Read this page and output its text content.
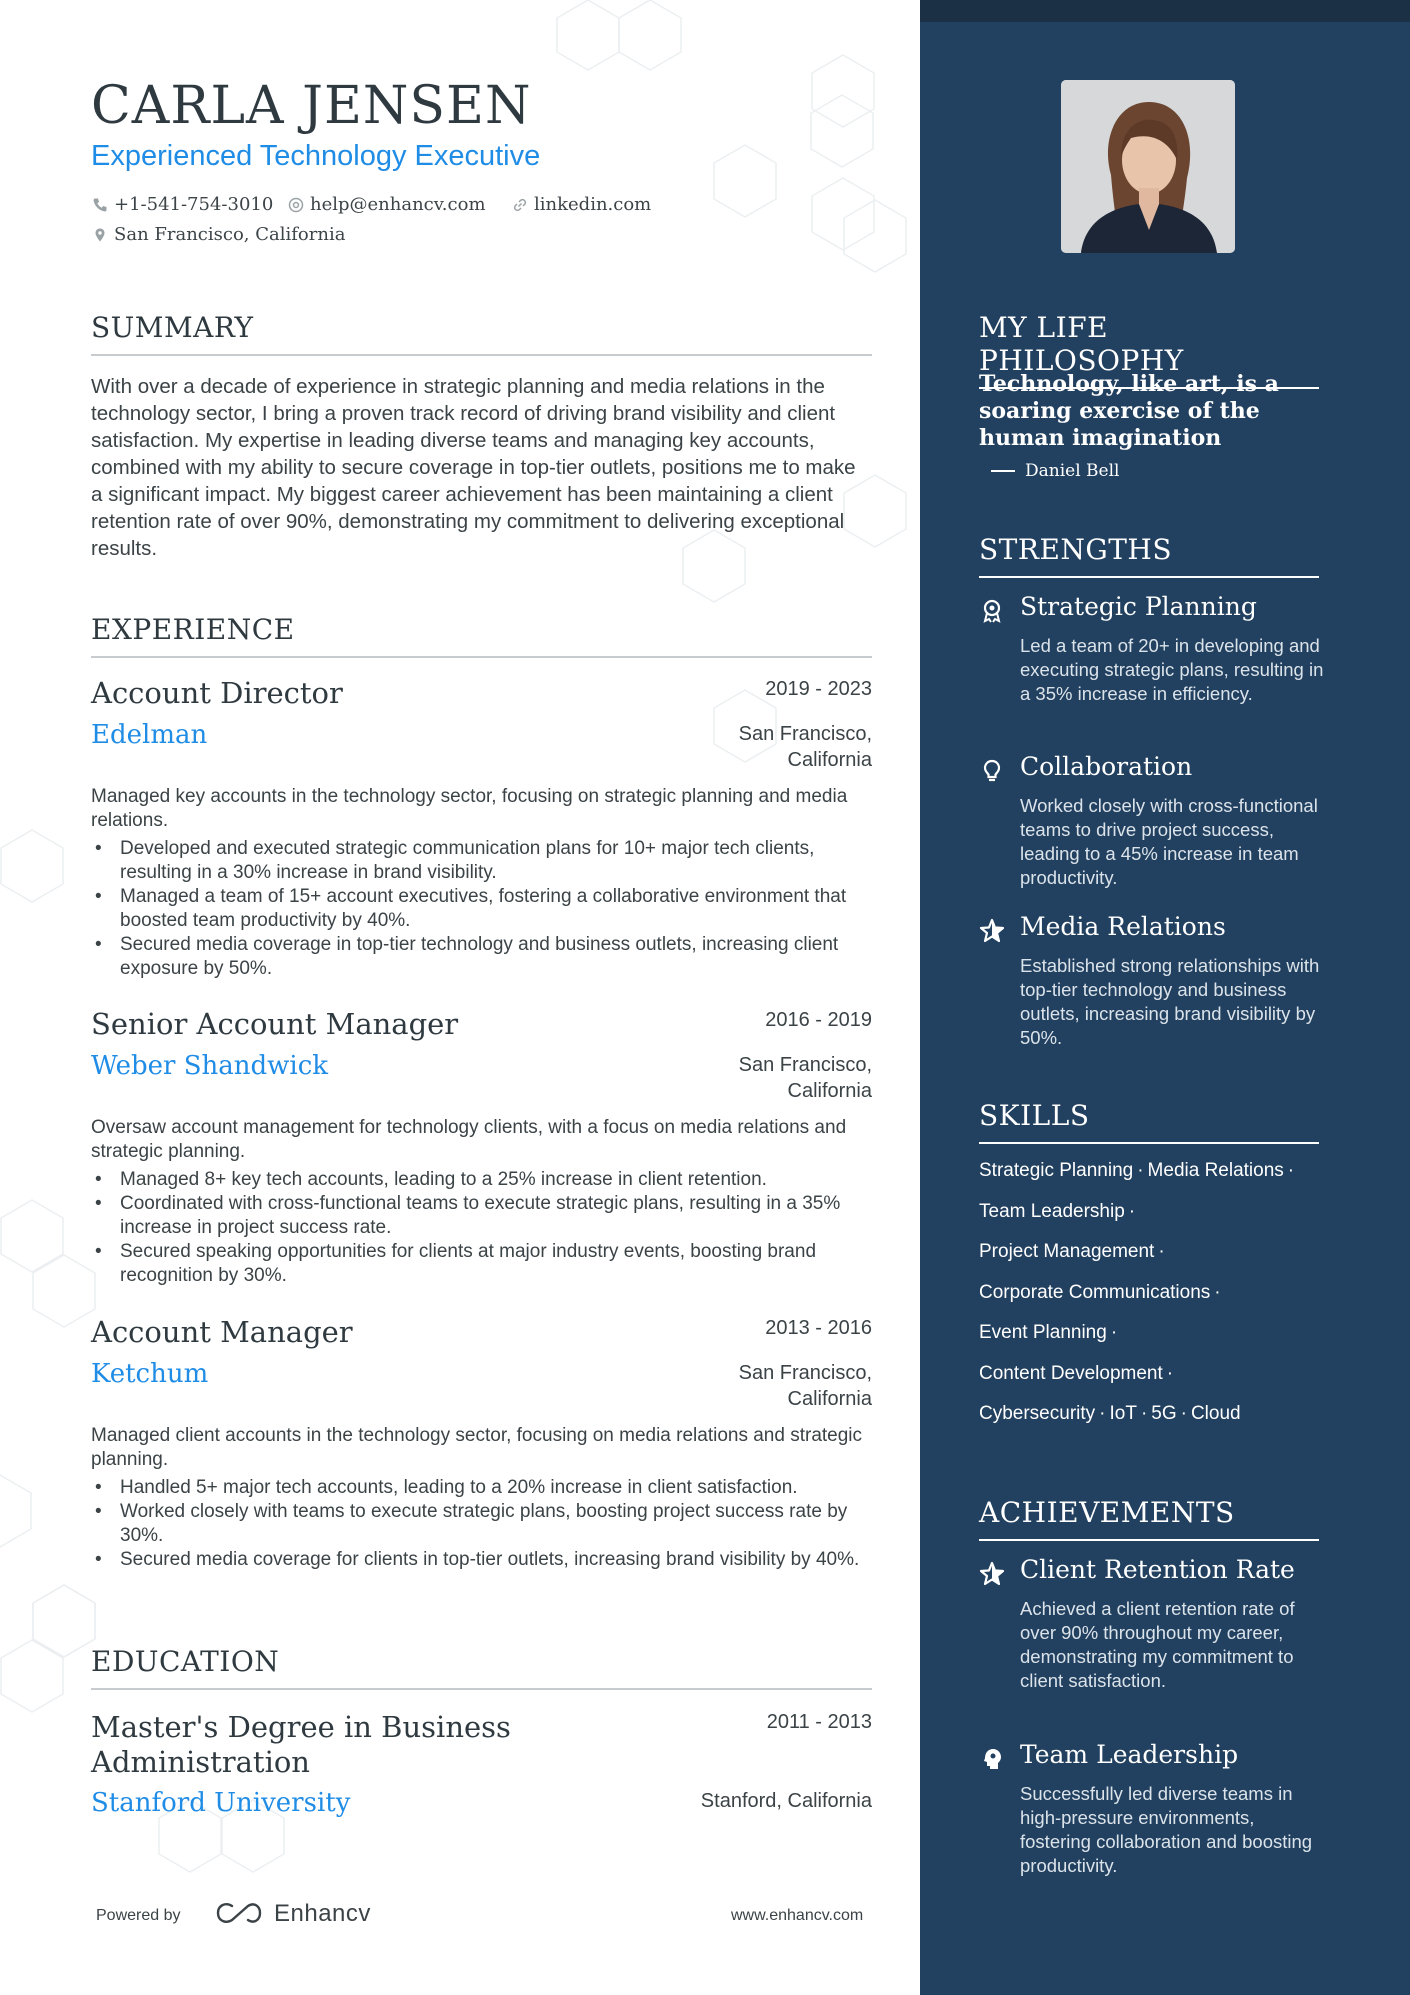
CARLA JENSEN
Experienced Technology Executive
+1-541-754-3010 help@enhancv.com	linkedin.com
San Francisco, California
SUMMARY
With over a decade of experience in strategic planning and media relations in the technology sector, I bring a proven track record of driving brand visibility and client satisfaction. My expertise in leading diverse teams and managing key accounts, combined with my ability to secure coverage in top-tier outlets, positions me to make a significant impact. My biggest career achievement has been maintaining a client retention rate of over 90%, demonstrating my commitment to delivering exceptional results.
EXPERIENCE
Account Director	2019 - 2023
Edelman	San Francisco, California
Managed key accounts in the technology sector, focusing on strategic planning and media relations.
• Developed and executed strategic communication plans for 10+ major tech clients, resulting in a 30% increase in brand visibility.
• Managed a team of 15+ account executives, fostering a collaborative environment that boosted team productivity by 40%.
• Secured media coverage in top-tier technology and business outlets, increasing client exposure by 50%.
Senior Account Manager	2016 - 2019
Weber Shandwick	San Francisco, California
Oversaw account management for technology clients, with a focus on media relations and strategic planning.
• Managed 8+ key tech accounts, leading to a 25% increase in client retention.
• Coordinated with cross-functional teams to execute strategic plans, resulting in a 35% increase in project success rate.
• Secured speaking opportunities for clients at major industry events, boosting brand recognition by 30%.
Account Manager	2013 - 2016
Ketchum	San Francisco, California
Managed client accounts in the technology sector, focusing on media relations and strategic planning.
• Handled 5+ major tech accounts, leading to a 20% increase in client satisfaction.
• Worked closely with teams to execute strategic plans, boosting project success rate by 30%.
• Secured media coverage for clients in top-tier outlets, increasing brand visibility by 40%.
EDUCATION
Master's Degree in Business Administration
2011 - 2013
Stanford University	Stanford, California
Powered by	Enhancv	www.enhancv.com
MY LIFE PHILOSOPHY
Technology, like art, is a soaring exercise of the human imagination
Daniel Bell
STRENGTHS
Strategic Planning
Led a team of 20+ in developing and executing strategic plans, resulting in a 35% increase in efficiency.
Collaboration
Worked closely with cross-functional teams to drive project success, leading to a 45% increase in team productivity.
Media Relations
Established strong relationships with top-tier technology and business outlets, increasing brand visibility by 50%.
SKILLS
Strategic Planning · Media Relations ·
Team Leadership ·
Project Management ·
Corporate Communications ·
Event Planning ·
Content Development ·
Cybersecurity · IoT · 5G · Cloud
ACHIEVEMENTS
Client Retention Rate
Achieved a client retention rate of over 90% throughout my career, demonstrating my commitment to client satisfaction.
Team Leadership
Successfully led diverse teams in high-pressure environments, fostering collaboration and boosting productivity.
